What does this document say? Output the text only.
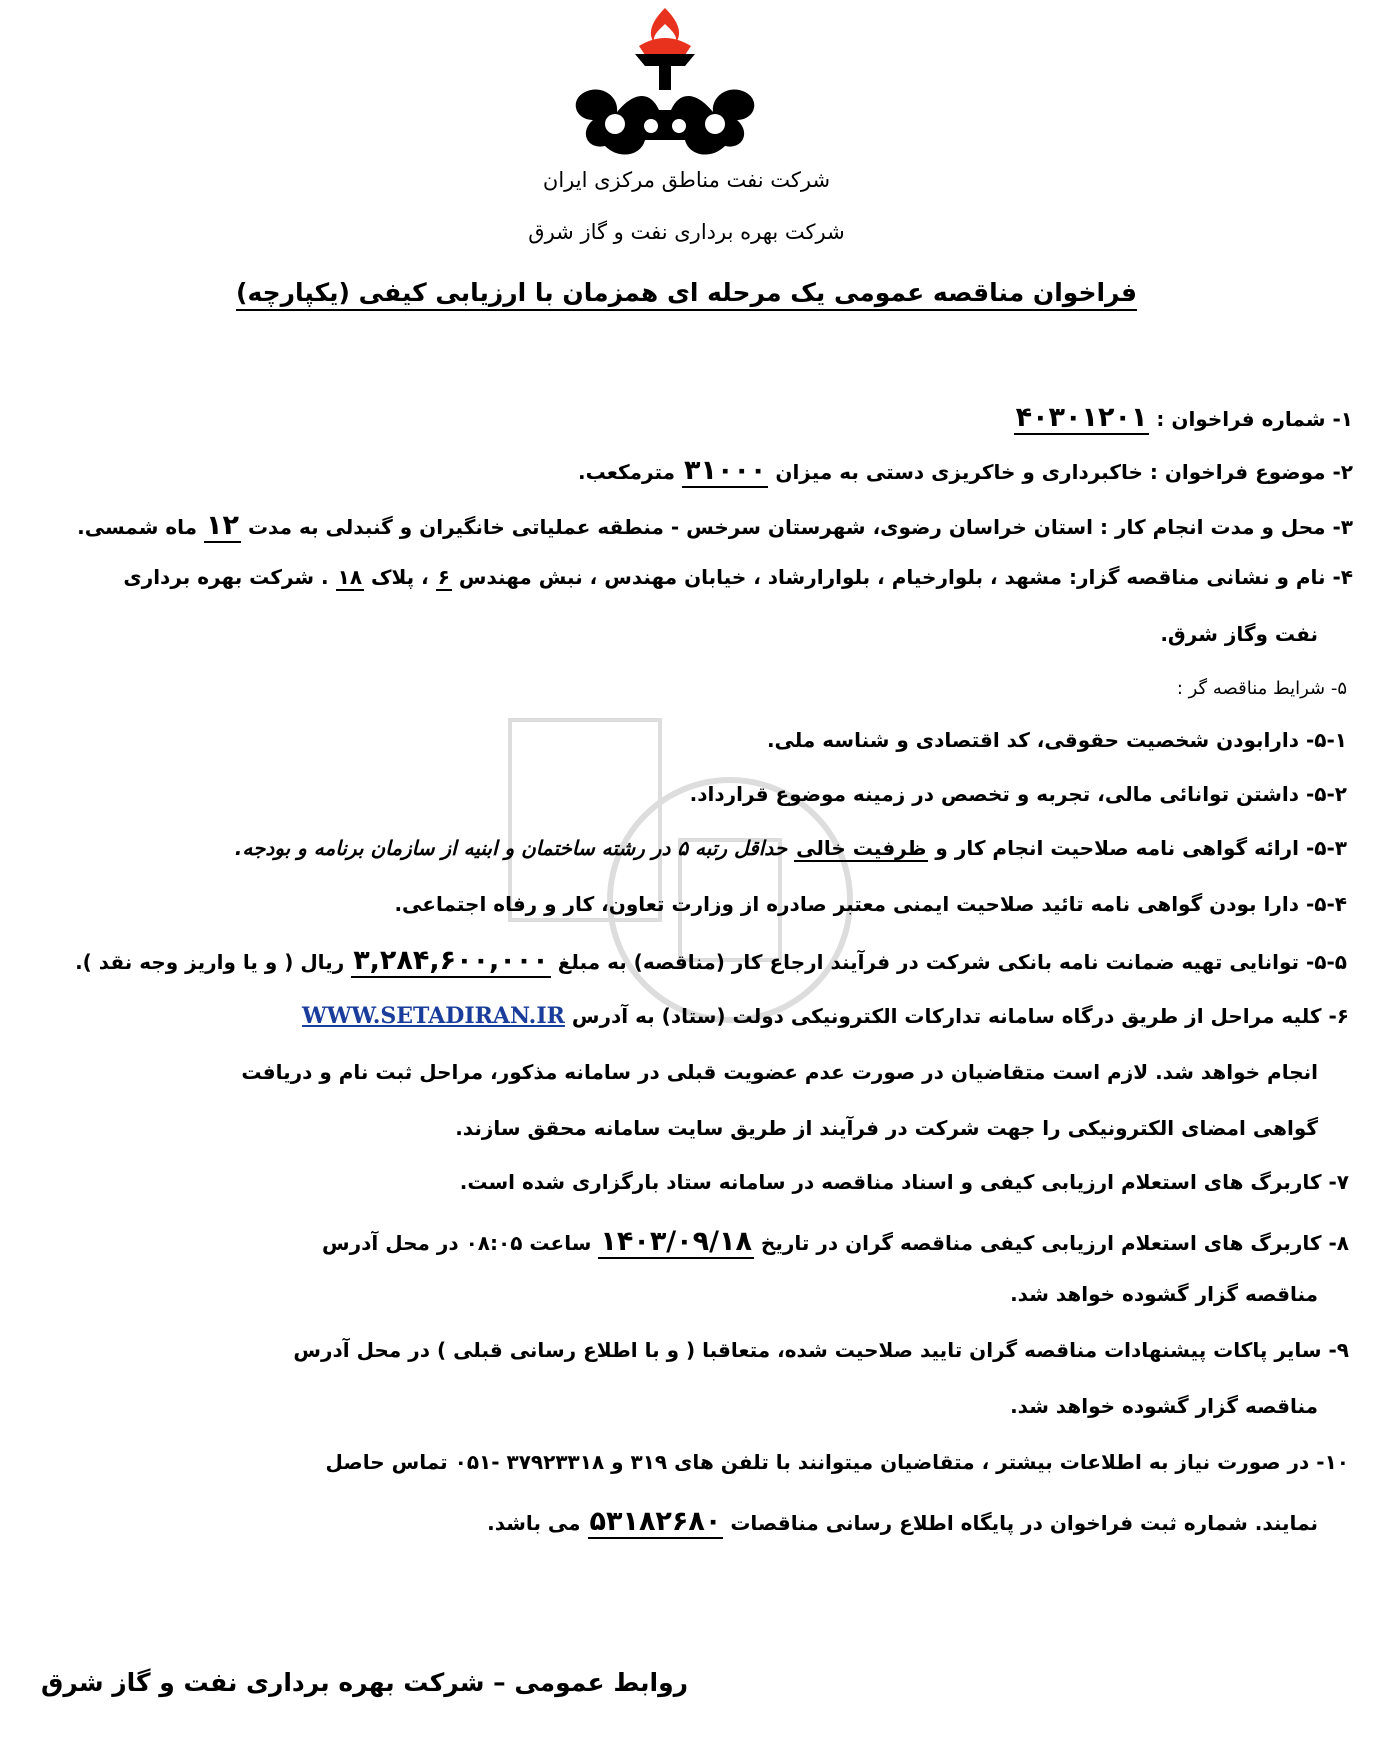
شرکت نفت مناطق مرکزی ایران
شرکت بهره برداری نفت و گاز شرق
فراخوان مناقصه عمومی یک مرحله ای همزمان با ارزیابی کیفی (یکپارچه)
۱- شماره فراخوان : ۴۰۳۰۱۲۰۱
۲- موضوع فراخوان : خاکبرداری و خاکریزی دستی به میزان ۳۱۰۰۰ مترمکعب.
۳- محل و مدت انجام کار : استان خراسان رضوی، شهرستان سرخس - منطقه عملیاتی خانگیران و گنبدلی به مدت ۱۲ ماه شمسی.
۴- نام و نشانی مناقصه گزار: مشهد ، بلوارخیام ، بلوارارشاد ، خیابان مهندس ، نبش مهندس ۶ ، پلاک ۱۸ . شرکت بهره برداری
نفت وگاز شرق.
۵- شرایط مناقصه گر :
۵-۱- دارابودن شخصیت حقوقی، کد اقتصادی و شناسه ملی.
۵-۲- داشتن توانائی مالی، تجربه و تخصص در زمینه موضوع قرارداد.
۵-۳- ارائه گواهی نامه صلاحیت انجام کار و ظرفیت خالی حداقل رتبه ۵ در رشته ساختمان و ابنیه از سازمان برنامه و بودجه.
۵-۴- دارا بودن گواهی نامه تائید صلاحیت ایمنی معتبر صادره از وزارت تعاون، کار و رفاه اجتماعی.
۵-۵- توانایی تهیه ضمانت نامه بانکی شرکت در فرآیند ارجاع کار (مناقصه) به مبلغ ۳,۲۸۴,۶۰۰,۰۰۰ ریال ( و یا واریز وجه نقد ).
۶- کلیه مراحل از طریق درگاه سامانه تدارکات الکترونیکی دولت (ستاد) به آدرس WWW.SETADIRAN.IR
انجام خواهد شد. لازم است متقاضیان در صورت عدم عضویت قبلی در سامانه مذکور، مراحل ثبت نام و دریافت
گواهی امضای الکترونیکی را جهت شرکت در فرآیند از طریق سایت سامانه محقق سازند.
۷- کاربرگ های استعلام ارزیابی کیفی و اسناد مناقصه در سامانه ستاد بارگزاری شده است.
۸- کاربرگ های استعلام ارزیابی کیفی مناقصه گران در تاریخ ۱۴۰۳/۰۹/۱۸ ساعت ۰۸:۰۵ در محل آدرس
مناقصه گزار گشوده خواهد شد.
۹- سایر پاکات پیشنهادات مناقصه گران تایید صلاحیت شده، متعاقبا ( و با اطلاع رسانی قبلی ) در محل آدرس
مناقصه گزار گشوده خواهد شد.
۱۰- در صورت نیاز به اطلاعات بیشتر ، متقاضیان میتوانند با تلفن های ۳۱۹ و ۳۷۹۲۳۳۱۸ -۰۵۱ تماس حاصل
نمایند. شماره ثبت فراخوان در پایگاه اطلاع رسانی مناقصات ۵۳۱۸۲۶۸۰ می باشد.
روابط عمومی – شرکت بهره برداری نفت و گاز شرق
